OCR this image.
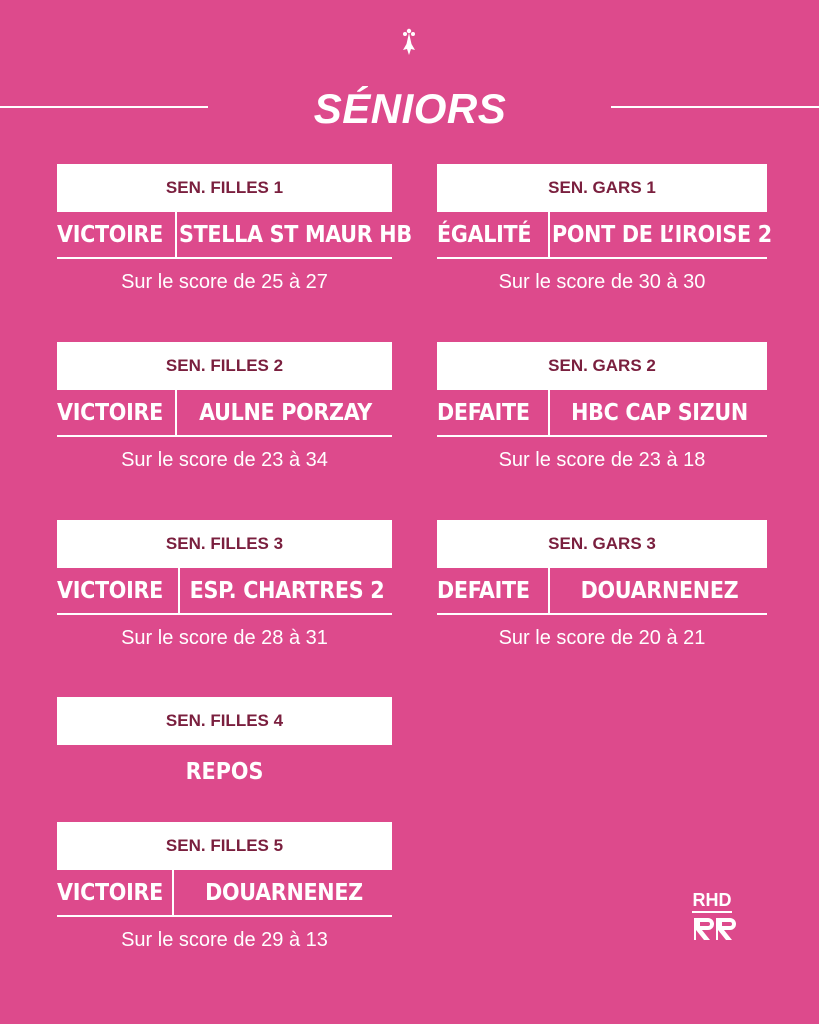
SÉNIORS
SEN. FILLES 1
VICTOIRE STELLA ST MAUR HB
Sur le score de 25 à 27
SEN. GARS 1
ÉGALITÉ PONT DE L’IROISE 2
Sur le score de 30 à 30
SEN. FILLES 2
VICTOIRE	AULNE PORZAY
Sur le score de 23 à 34
SEN. GARS 2
DEFAITE	HBC CAP SIZUN
Sur le score de 23 à 18
SEN. FILLES 3
VICTOIRE	ESP. CHARTRES 2
Sur le score de 28 à 31
SEN. GARS 3
DEFAITE	DOUARNENEZ
Sur le score de 20 à 21
SEN. FILLES 4
REPOS
SEN. FILLES 5
VICTOIRE	DOUARNENEZ
Sur le score de 29 à 13
RHD
